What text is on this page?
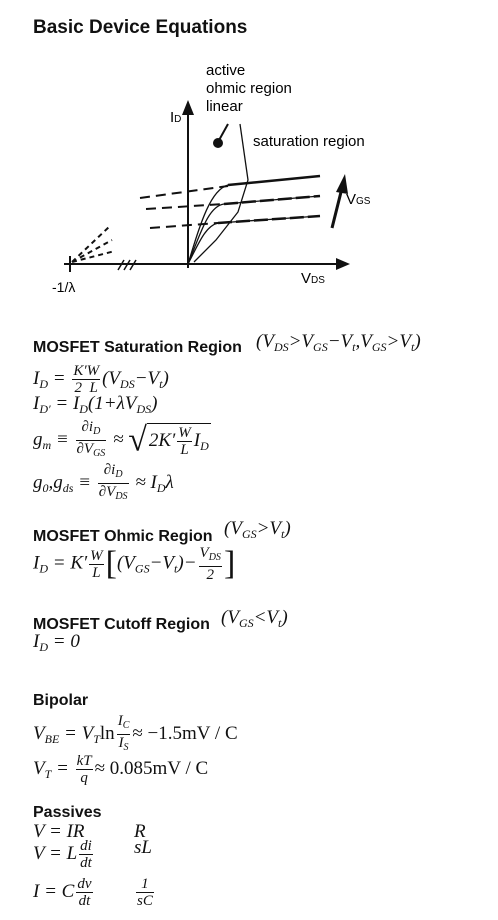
Basic Device Equations
ID
VDS
VGS
active
ohmic region
linear
saturation region
-1/λ
MOSFET Saturation Region $(V_{DS}>V_{GS}-V_t,V_{GS}>V_t)$
$I_D = \frac{K'W}{2 L} (V_{DS}-V_t)$
$I_{D'} = I_D(1+\lambda V_{DS})$
$g_m \equiv \frac{\partial i_D}{\partial V_{GS}}$ ≈ √ $2K' \frac{W}{L} I_D$
$g_0,g_{ds} \equiv \frac{\partial i_D}{\partial V_{DS}} \approx I_D\lambda$
MOSFET Ohmic Region $(V_{GS}>V_t)$
$I_D = K' \frac{W}{L} [(V_{GS}-V_t)- \frac{V_{DS}}{2}$ ]
MOSFET Cutoff Region $(V_{GS}<V_t)$
$I_D = 0$
Bipolar
$V_{BE} = V_T\ln \frac{I_C}{I_S} \approx -1.5mV / C$
$V_T = \frac{kT}{q} \approx 0.085mV / C$
Passives
V = IR	R
V = L $\frac{di}{dt}$ sL
I = C $\frac{dv}{dt}$	$\frac{1}{sC}$
